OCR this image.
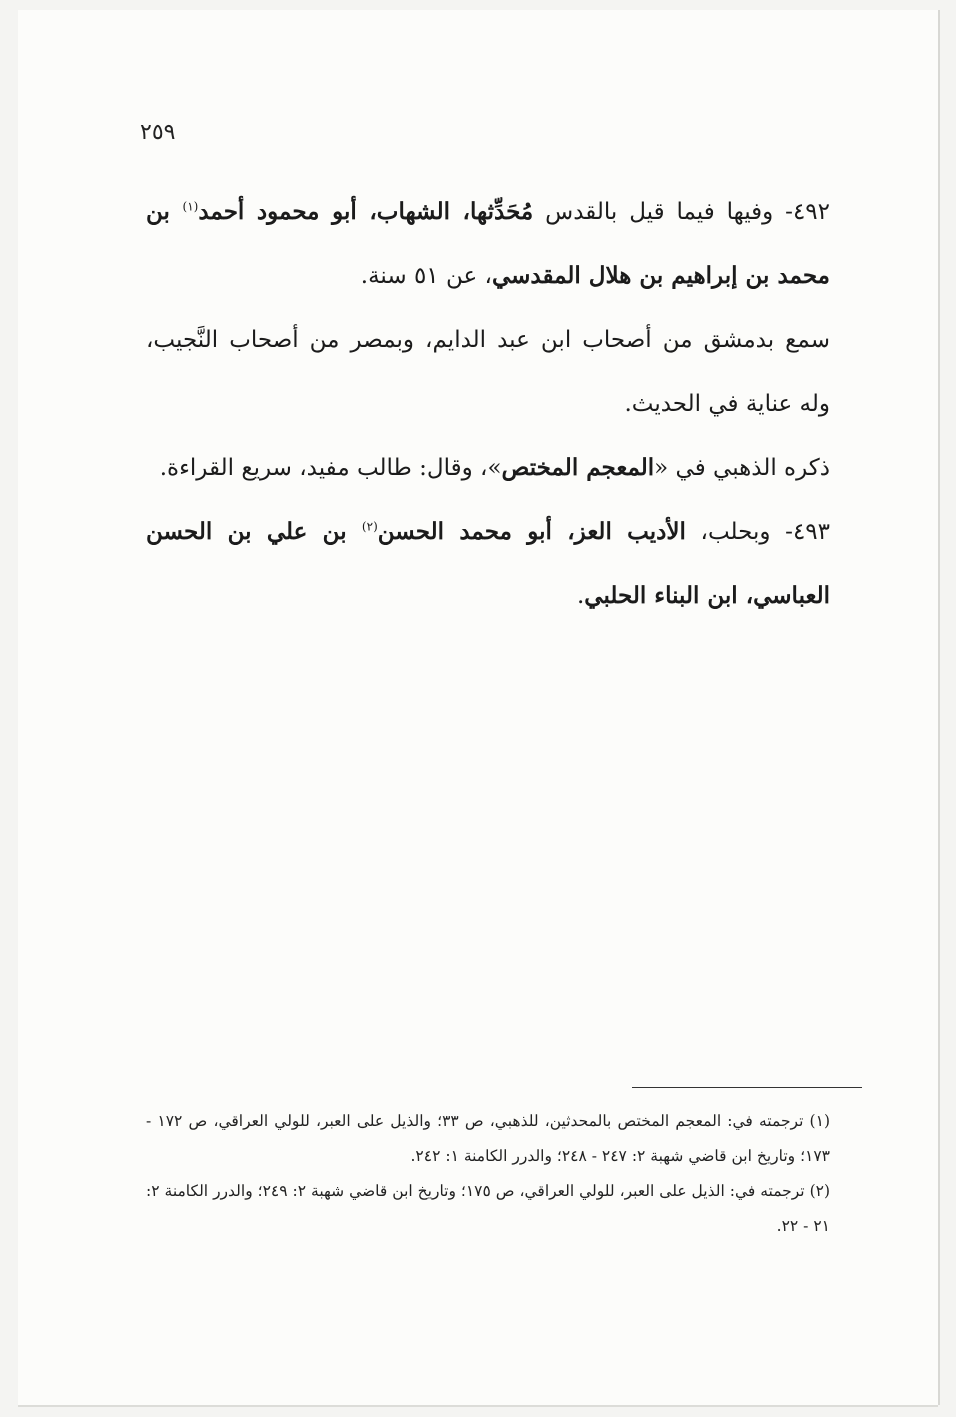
٢٥٩

٤٩٢- وفيها فيما قيل بالقدس مُحَدِّثها، الشهاب، أبو محمود أحمد$^{(١)}$ بن محمد بن إبراهيم بن هلال المقدسي، عن ٥١ سنة.

سمع بدمشق من أصحاب ابن عبد الدايم، وبمصر من أصحاب النَّجيب، وله عناية في الحديث.

ذكره الذهبي في «المعجم المختص»، وقال: طالب مفيد، سريع القراءة.

٤٩٣- وبحلب، الأديب العز، أبو محمد الحسن$^{(٢)}$ بن علي بن الحسن العباسي، ابن البناء الحلبي.

(١) ترجمته في: المعجم المختص بالمحدثين، للذهبي، ص ٣٣؛ والذيل على العبر، للولي العراقي، ص ١٧٢ - ١٧٣؛ وتاريخ ابن قاضي شهبة ٢: ٢٤٧ - ٢٤٨؛ والدرر الكامنة ١: ٢٤٢.

(٢) ترجمته في: الذيل على العبر، للولي العراقي، ص ١٧٥؛ وتاريخ ابن قاضي شهبة ٢: ٢٤٩؛ والدرر الكامنة ٢: ٢١ - ٢٢.
